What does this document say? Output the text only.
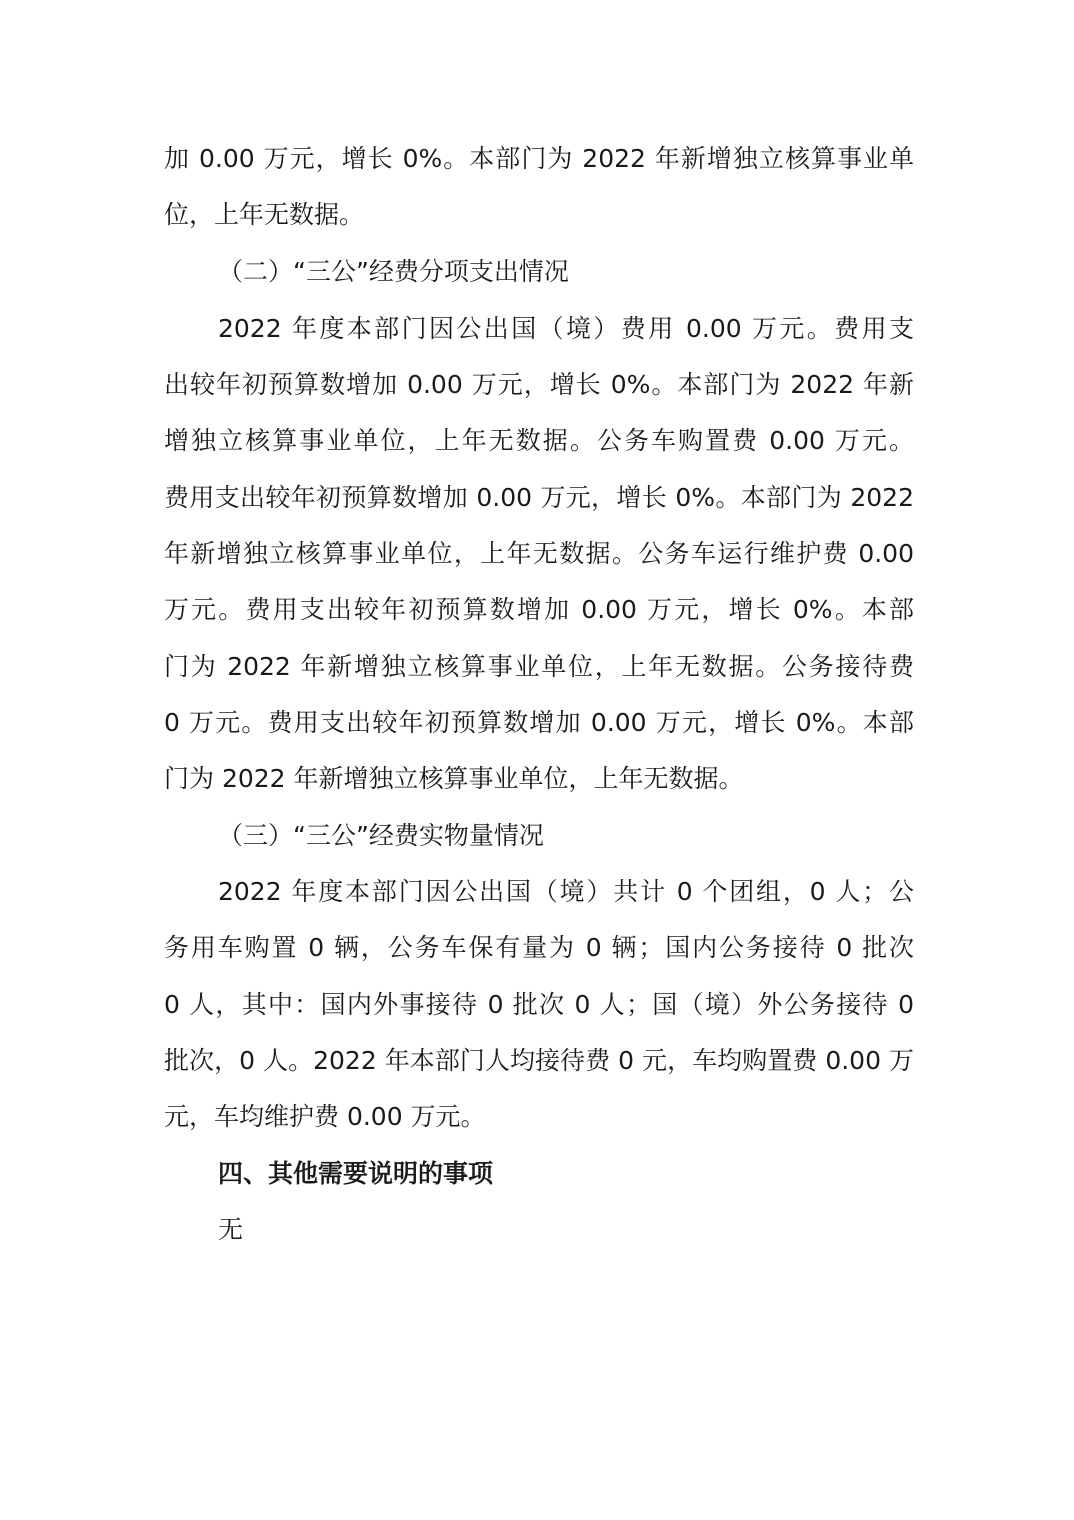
加 0.00 万元，增长 0%。本部门为 2022 年新增独立核算事业单
位，上年无数据。
（二）“三公”经费分项支出情况
2022 年度本部门因公出国（境）费用 0.00 万元。费用支
出较年初预算数增加 0.00 万元，增长 0%。本部门为 2022 年新
增独立核算事业单位，上年无数据。公务车购置费 0.00 万元。
费用支出较年初预算数增加 0.00 万元，增长 0%。本部门为 2022
年新增独立核算事业单位，上年无数据。公务车运行维护费 0.00
万元。费用支出较年初预算数增加 0.00 万元，增长 0%。本部
门为 2022 年新增独立核算事业单位，上年无数据。公务接待费
0 万元。费用支出较年初预算数增加 0.00 万元，增长 0%。本部
门为 2022 年新增独立核算事业单位，上年无数据。
（三）“三公”经费实物量情况
2022 年度本部门因公出国（境）共计 0 个团组，0 人；公
务用车购置 0 辆，公务车保有量为 0 辆；国内公务接待 0 批次
0 人，其中：国内外事接待 0 批次 0 人；国（境）外公务接待 0
批次，0 人。2022 年本部门人均接待费 0 元，车均购置费 0.00 万
元，车均维护费 0.00 万元。
四、其他需要说明的事项
无
